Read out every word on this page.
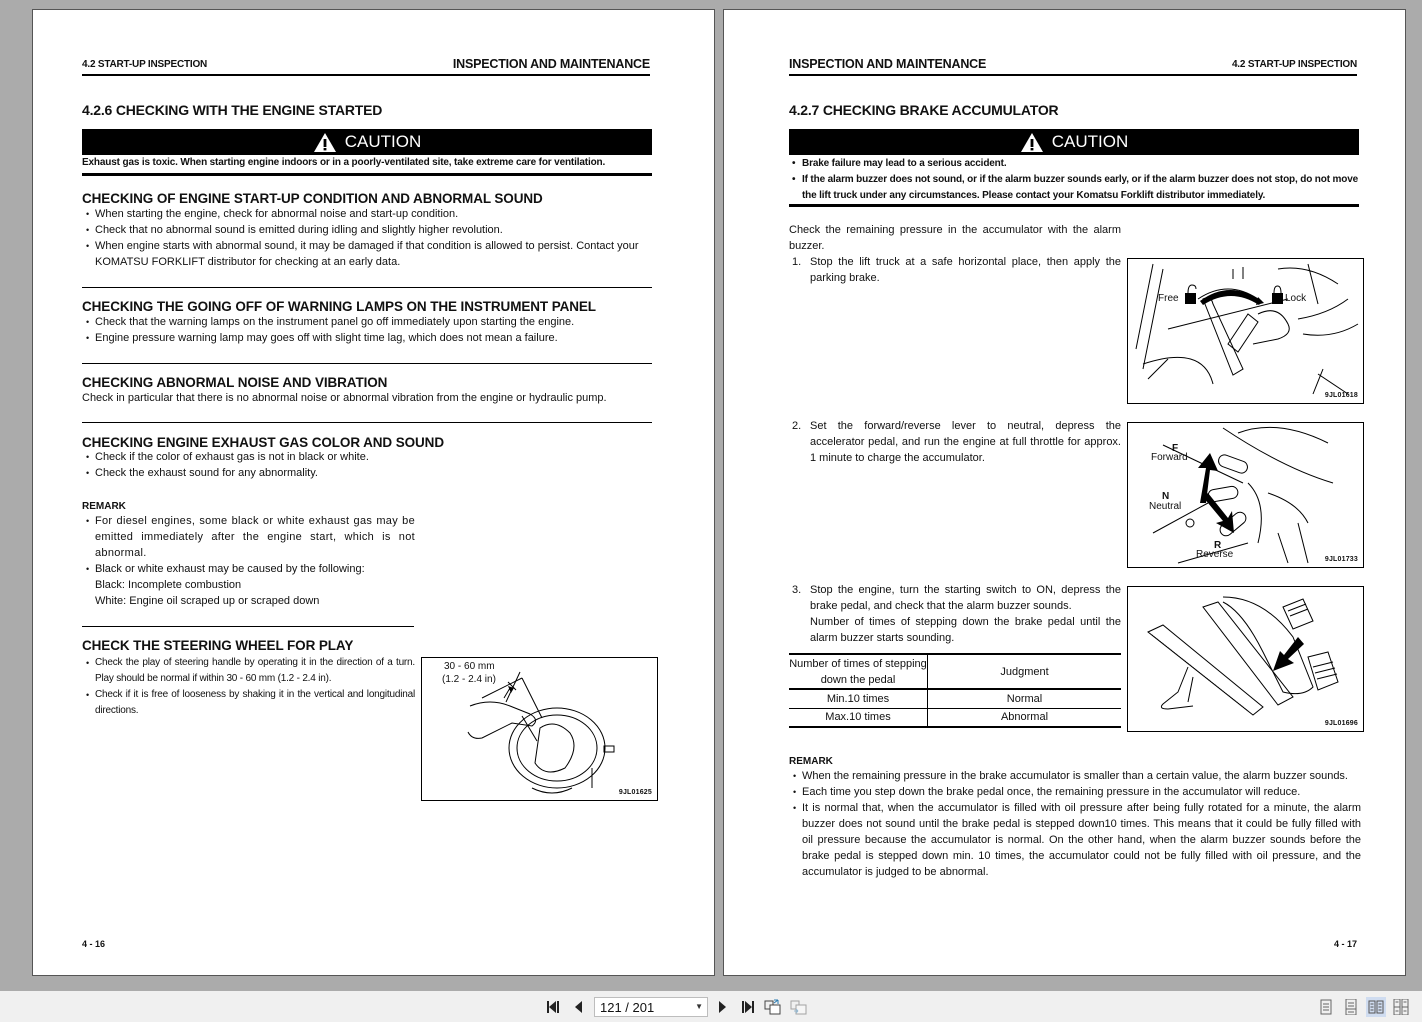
4.2 START-UP INSPECTION	INSPECTION AND MAINTENANCE
4.2.6 CHECKING WITH THE ENGINE STARTED
CAUTION
Exhaust gas is toxic. When starting engine indoors or in a poorly-ventilated site, take extreme care for ventilation.
CHECKING OF ENGINE START-UP CONDITION AND ABNORMAL SOUND
• When starting the engine, check for abnormal noise and start-up condition.
• Check that no abnormal sound is emitted during idling and slightly higher revolution.
• When engine starts with abnormal sound, it may be damaged if that condition is allowed to persist. Contact your KOMATSU FORKLIFT distributor for checking at an early data.
CHECKING THE GOING OFF OF WARNING LAMPS ON THE INSTRUMENT PANEL
• Check that the warning lamps on the instrument panel go off immediately upon starting the engine.
• Engine pressure warning lamp may goes off with slight time lag, which does not mean a failure.
CHECKING ABNORMAL NOISE AND VIBRATION
Check in particular that there is no abnormal noise or abnormal vibration from the engine or hydraulic pump.
CHECKING ENGINE EXHAUST GAS COLOR AND SOUND
• Check if the color of exhaust gas is not in black or white.
• Check the exhaust sound for any abnormality.
REMARK
• For diesel engines, some black or white exhaust gas may be emitted immediately after the engine start, which is not abnormal.
• Black or white exhaust may be caused by the following:
Black: Incomplete combustion
White: Engine oil scraped up or scraped down
CHECK THE STEERING WHEEL FOR PLAY
• Check the play of steering handle by operating it in the direction of a turn. Play should be normal if within 30 - 60 mm (1.2 - 2.4 in).
• Check if it is free of looseness by shaking it in the vertical and longitudinal directions.
30 - 60 mm
(1.2 - 2.4 in)
9JL01625
4 - 16
INSPECTION AND MAINTENANCE	4.2 START-UP INSPECTION
4.2.7 CHECKING BRAKE ACCUMULATOR
CAUTION
• Brake failure may lead to a serious accident.
• If the alarm buzzer does not sound, or if the alarm buzzer sounds early, or if the alarm buzzer does not stop, do not move the lift truck under any circumstances. Please contact your Komatsu Forklift distributor immediately.
Check the remaining pressure in the accumulator with the alarm buzzer.
1. Stop the lift truck at a safe horizontal place, then apply the parking brake.
Free	Lock
9JL01618
2. Set the forward/reverse lever to neutral, depress the accelerator pedal, and run the engine at full throttle for approx. 1 minute to charge the accumulator.
F
Forward
N
Neutral
R
Reverse	9JL01733
3. Stop the engine, turn the starting switch to ON, depress the brake pedal, and check that the alarm buzzer sounds.
Number of times of stepping down the brake pedal until the alarm buzzer starts sounding.
Number of times of stepping down the pedal	Judgment
Min.10 times	Normal
Max.10 times	Abnormal
9JL01696
REMARK
• When the remaining pressure in the brake accumulator is smaller than a certain value, the alarm buzzer sounds.
• Each time you step down the brake pedal once, the remaining pressure in the accumulator will reduce.
• It is normal that, when the accumulator is filled with oil pressure after being fully rotated for a minute, the alarm buzzer does not sound until the brake pedal is stepped down10 times. This means that it could be fully filled with oil pressure because the accumulator is normal. On the other hand, when the alarm buzzer sounds before the brake pedal is stepped down min. 10 times, the accumulator could not be fully filled with oil pressure, and the accumulator is judged to be abnormal.
4 - 17
121 / 201	▼
